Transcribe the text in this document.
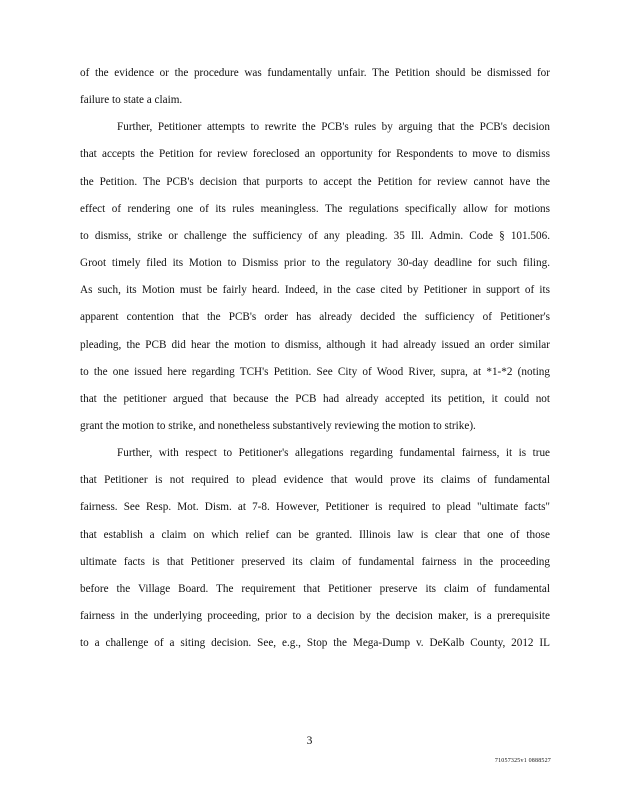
of the evidence or the procedure was fundamentally unfair. The Petition should be dismissed for
failure to state a claim.
Further, Petitioner attempts to rewrite the PCB's rules by arguing that the PCB's decision
that accepts the Petition for review foreclosed an opportunity for Respondents to move to dismiss
the Petition. The PCB's decision that purports to accept the Petition for review cannot have the
effect of rendering one of its rules meaningless. The regulations specifically allow for motions
to dismiss, strike or challenge the sufficiency of any pleading. 35 Ill. Admin. Code § 101.506.
Groot timely filed its Motion to Dismiss prior to the regulatory 30-day deadline for such filing.
As such, its Motion must be fairly heard. Indeed, in the case cited by Petitioner in support of its
apparent contention that the PCB's order has already decided the sufficiency of Petitioner's
pleading, the PCB did hear the motion to dismiss, although it had already issued an order similar
to the one issued here regarding TCH's Petition. See City of Wood River, supra, at *1-*2 (noting
that the petitioner argued that because the PCB had already accepted its petition, it could not
grant the motion to strike, and nonetheless substantively reviewing the motion to strike).
Further, with respect to Petitioner's allegations regarding fundamental fairness, it is true
that Petitioner is not required to plead evidence that would prove its claims of fundamental
fairness. See Resp. Mot. Dism. at 7-8. However, Petitioner is required to plead "ultimate facts"
that establish a claim on which relief can be granted. Illinois law is clear that one of those
ultimate facts is that Petitioner preserved its claim of fundamental fairness in the proceeding
before the Village Board. The requirement that Petitioner preserve its claim of fundamental
fairness in the underlying proceeding, prior to a decision by the decision maker, is a prerequisite
to a challenge of a siting decision. See, e.g., Stop the Mega-Dump v. DeKalb County, 2012 IL
3
71057325v1 0888527
